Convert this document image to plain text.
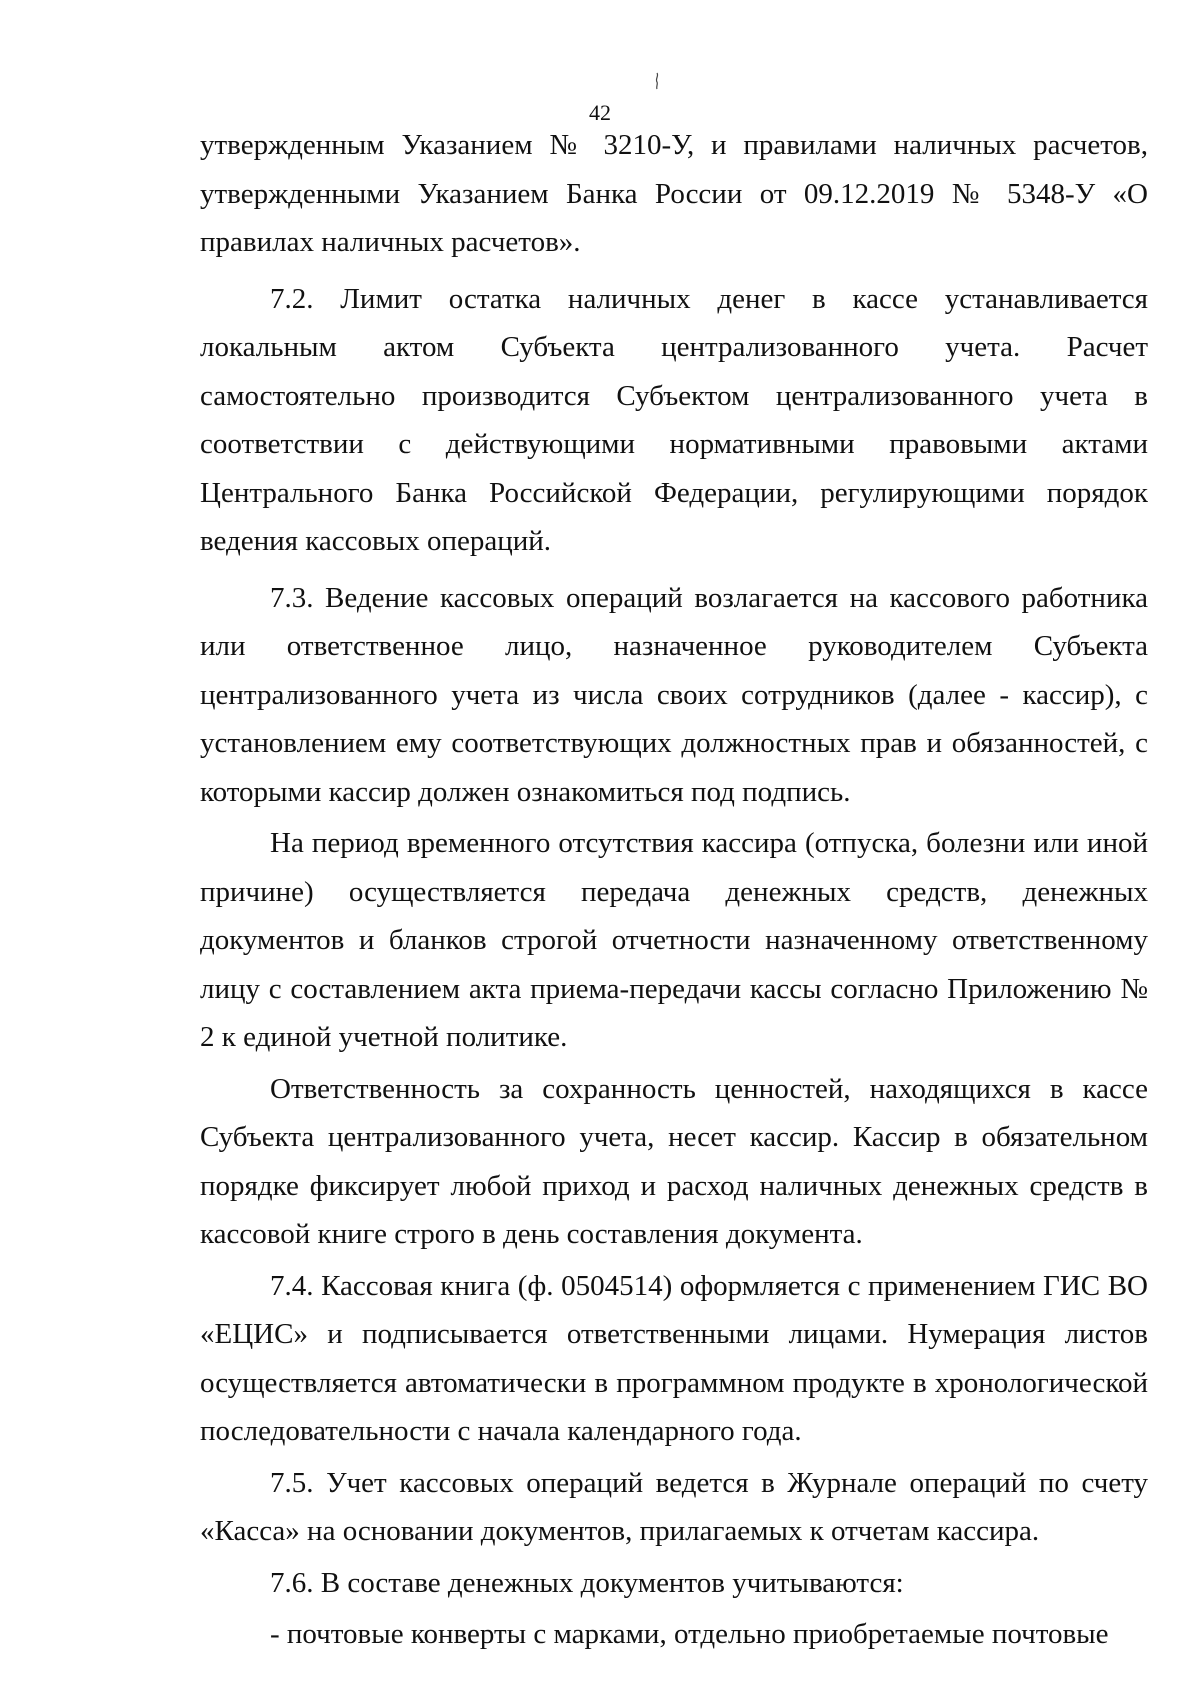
42

утвержденным Указанием № 3210-У, и правилами наличных расчетов, утвержденными Указанием Банка России от 09.12.2019 № 5348-У «О правилах наличных расчетов».

7.2. Лимит остатка наличных денег в кассе устанавливается локальным актом Субъекта централизованного учета. Расчет самостоятельно производится Субъектом централизованного учета в соответствии с действующими нормативными правовыми актами Центрального Банка Российской Федерации, регулирующими порядок ведения кассовых операций.

7.3. Ведение кассовых операций возлагается на кассового работника или ответственное лицо, назначенное руководителем Субъекта централизованного учета из числа своих сотрудников (далее - кассир), с установлением ему соответствующих должностных прав и обязанностей, с которыми кассир должен ознакомиться под подпись.

На период временного отсутствия кассира (отпуска, болезни или иной причине) осуществляется передача денежных средств, денежных документов и бланков строгой отчетности назначенному ответственному лицу с составлением акта приема-передачи кассы согласно Приложению № 2 к единой учетной политике.

Ответственность за сохранность ценностей, находящихся в кассе Субъекта централизованного учета, несет кассир. Кассир в обязательном порядке фиксирует любой приход и расход наличных денежных средств в кассовой книге строго в день составления документа.

7.4. Кассовая книга (ф. 0504514) оформляется с применением ГИС ВО «ЕЦИС» и подписывается ответственными лицами. Нумерация листов осуществляется автоматически в программном продукте в хронологической последовательности с начала календарного года.

7.5. Учет кассовых операций ведется в Журнале операций по счету «Касса» на основании документов, прилагаемых к отчетам кассира.

7.6. В составе денежных документов учитываются:

- почтовые конверты с марками, отдельно приобретаемые почтовые
